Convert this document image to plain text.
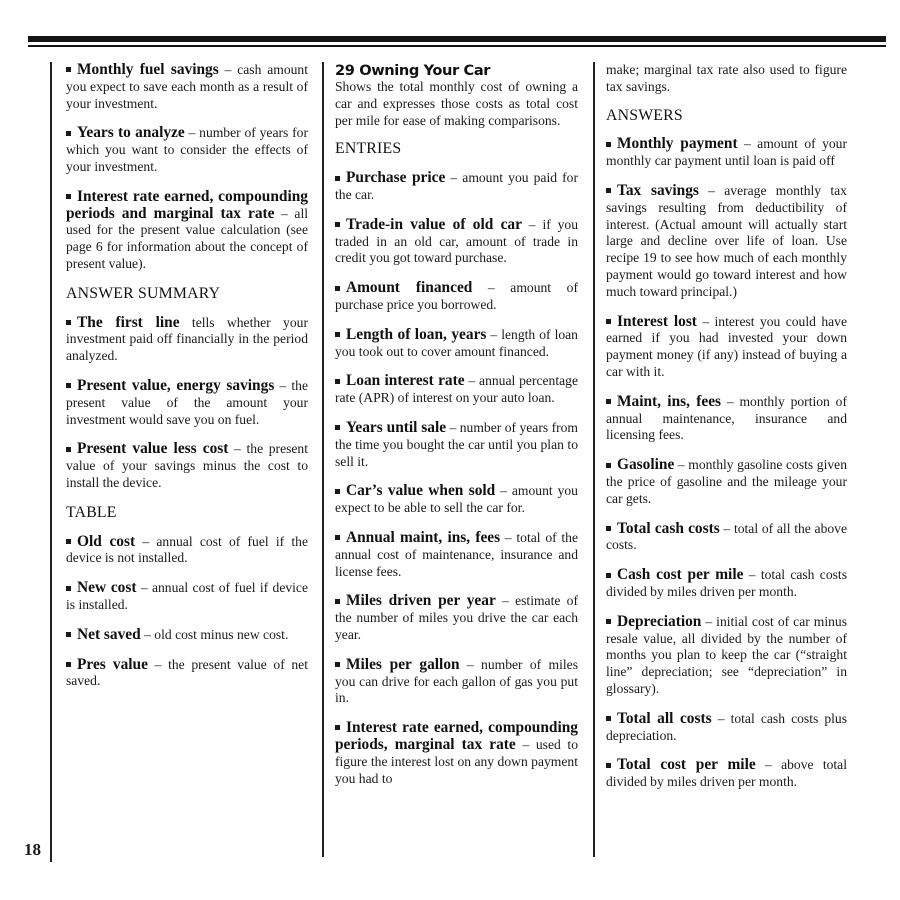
18

Monthly fuel savings – cash amount you expect to save each month as a result of your investment.

Years to analyze – number of years for which you want to consider the effects of your investment.

Interest rate earned, compounding periods and marginal tax rate – all used for the present value calculation (see page 6 for information about the concept of present value).

ANSWER SUMMARY

The first line tells whether your investment paid off financially in the period analyzed.

Present value, energy savings – the present value of the amount your investment would save you on fuel.

Present value less cost – the present value of your savings minus the cost to install the device.

TABLE

Old cost – annual cost of fuel if the device is not installed.

New cost – annual cost of fuel if device is installed.

Net saved – old cost minus new cost.

Pres value – the present value of net saved.

29 Owning Your Car

Shows the total monthly cost of owning a car and expresses those costs as total cost per mile for ease of making comparisons.

ENTRIES

Purchase price – amount you paid for the car.

Trade-in value of old car – if you traded in an old car, amount of trade in credit you got toward purchase.

Amount financed – amount of purchase price you borrowed.

Length of loan, years – length of loan you took out to cover amount financed.

Loan interest rate – annual percentage rate (APR) of interest on your auto loan.

Years until sale – number of years from the time you bought the car until you plan to sell it.

Car’s value when sold – amount you expect to be able to sell the car for.

Annual maint, ins, fees – total of the annual cost of maintenance, insurance and license fees.

Miles driven per year – estimate of the number of miles you drive the car each year.

Miles per gallon – number of miles you can drive for each gallon of gas you put in.

Interest rate earned, compounding periods, marginal tax rate – used to figure the interest lost on any down payment you had to

make; marginal tax rate also used to figure tax savings.

ANSWERS

Monthly payment – amount of your monthly car payment until loan is paid off

Tax savings – average monthly tax savings resulting from deductibility of interest. (Actual amount will actually start large and decline over life of loan. Use recipe 19 to see how much of each monthly payment would go toward interest and how much toward principal.)

Interest lost – interest you could have earned if you had invested your down payment money (if any) instead of buying a car with it.

Maint, ins, fees – monthly portion of annual maintenance, insurance and licensing fees.

Gasoline – monthly gasoline costs given the price of gasoline and the mileage your car gets.

Total cash costs – total of all the above costs.

Cash cost per mile – total cash costs divided by miles driven per month.

Depreciation – initial cost of car minus resale value, all divided by the number of months you plan to keep the car (“straight line” depreciation; see “depreciation” in glossary).

Total all costs – total cash costs plus depreciation.

Total cost per mile – above total divided by miles driven per month.
